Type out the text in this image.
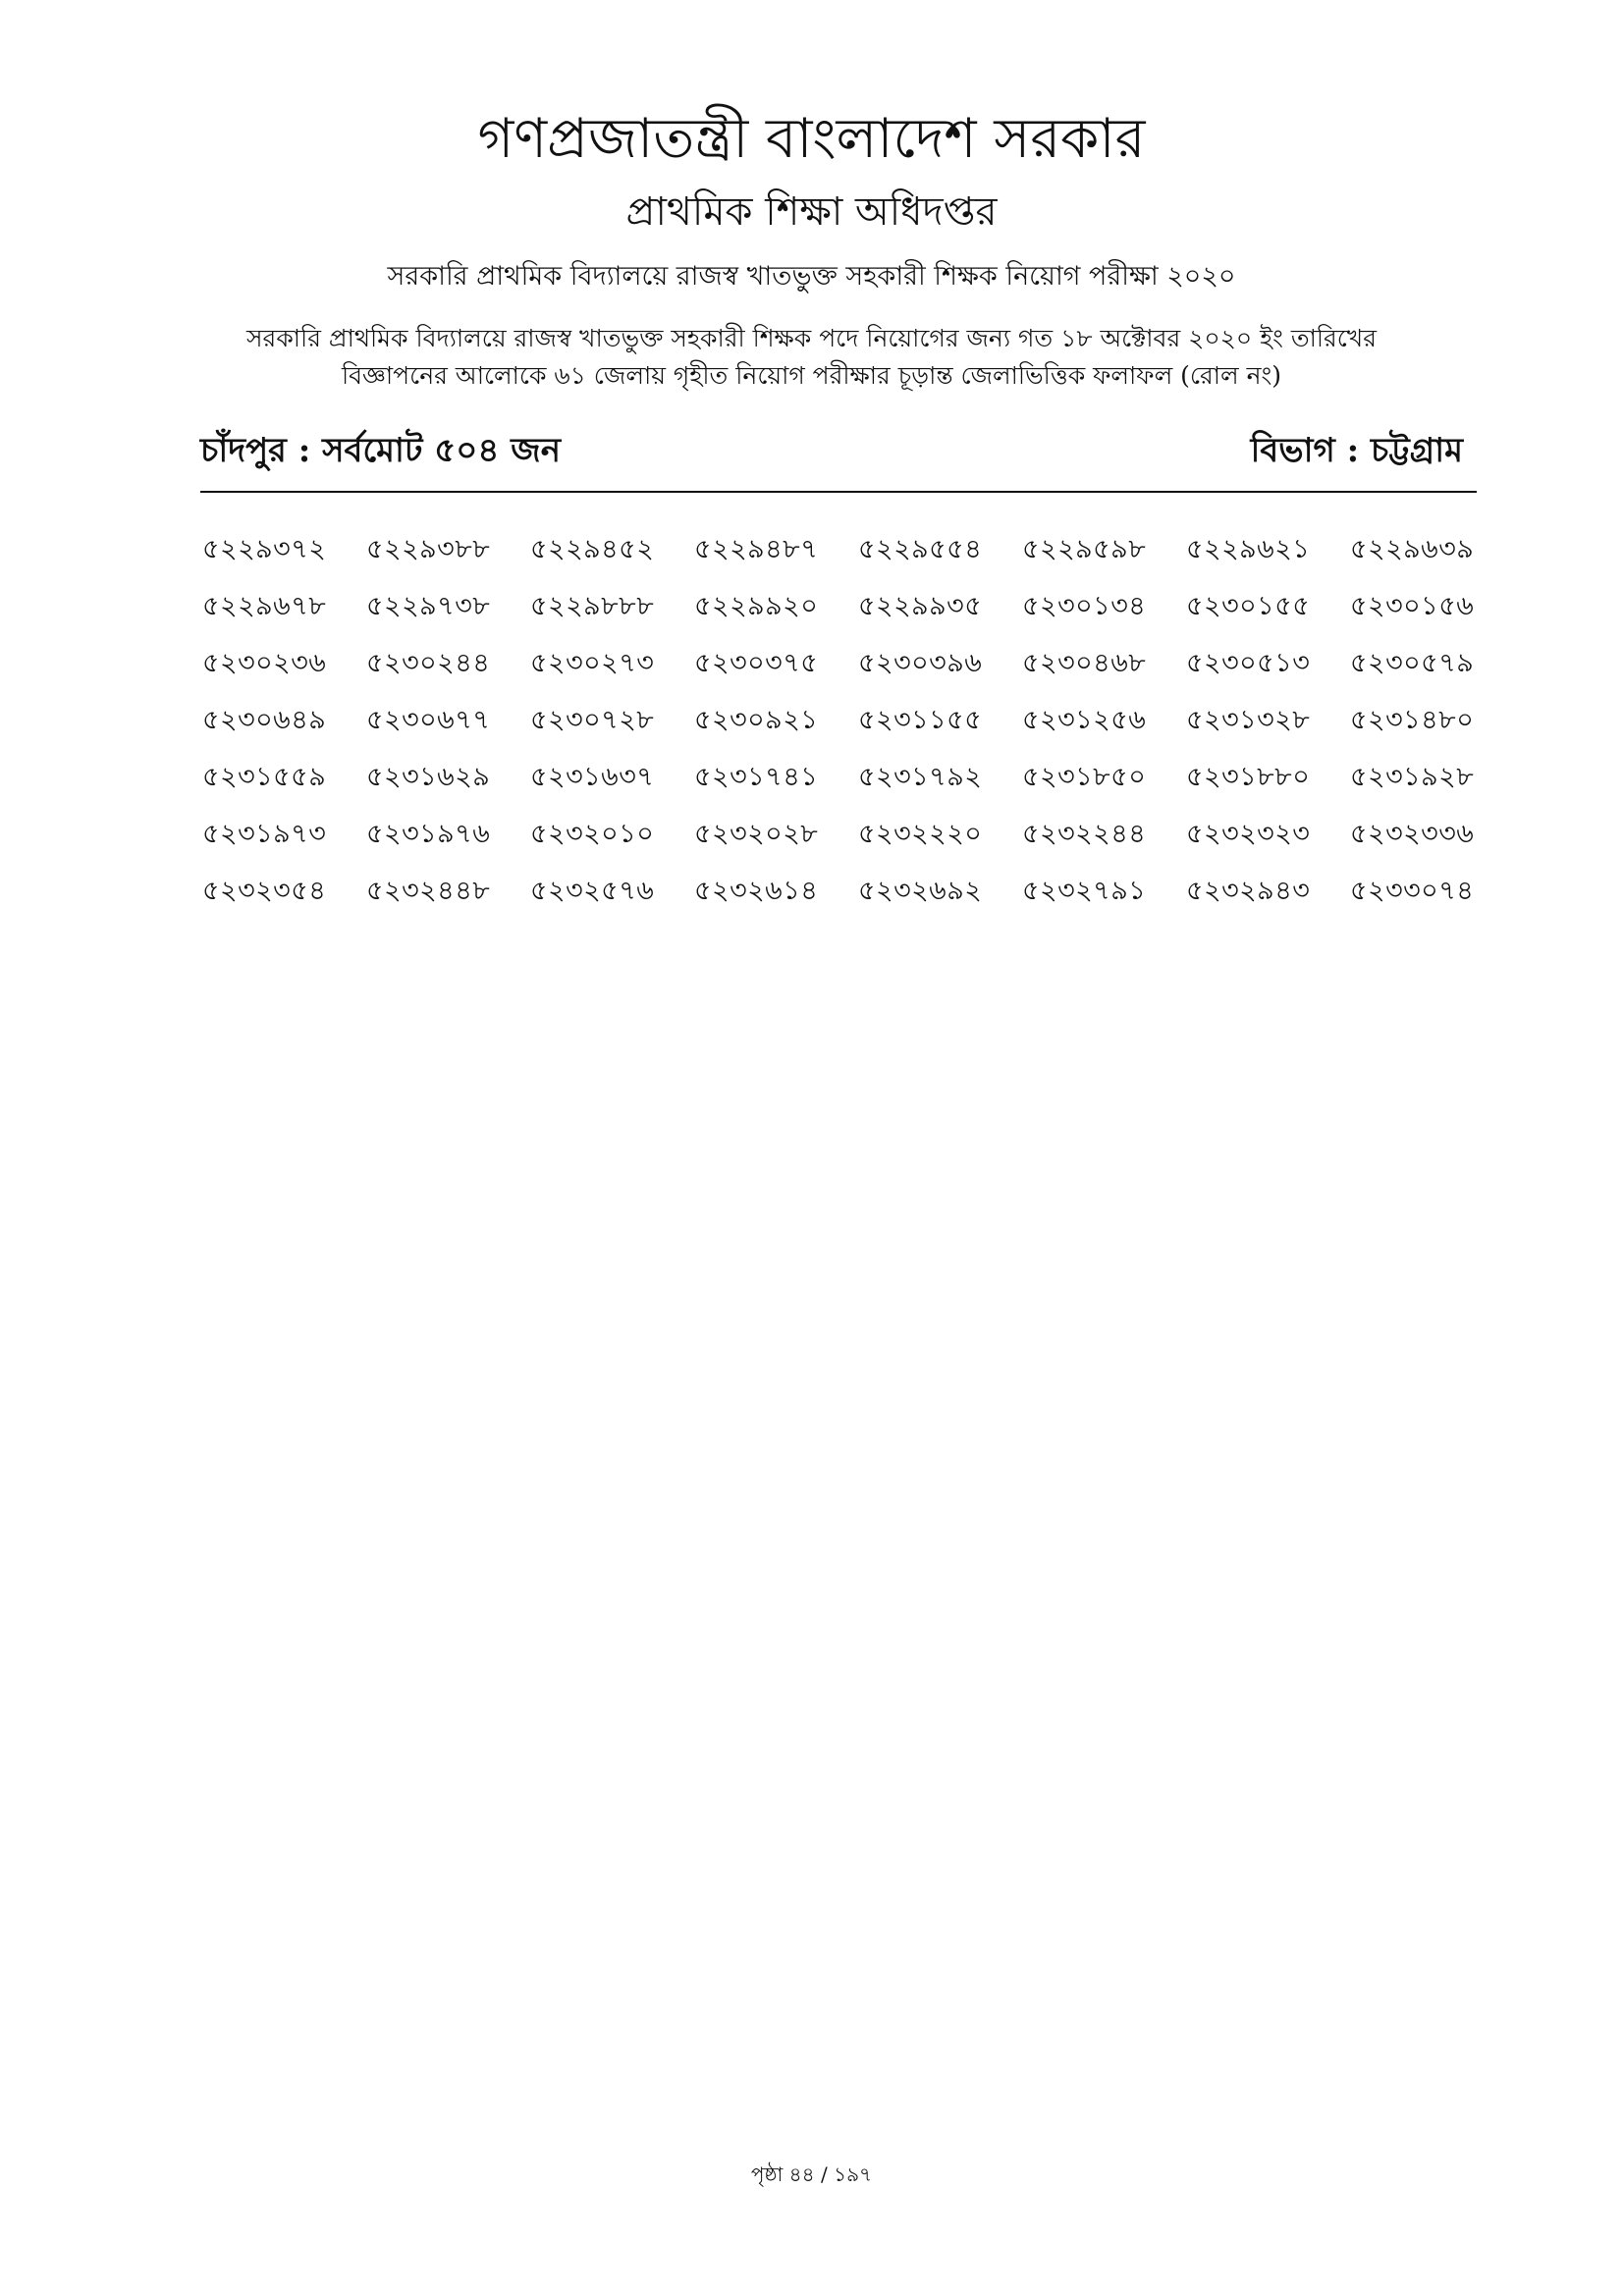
গণপ্রজাতন্ত্রী বাংলাদেশ সরকার
প্রাথমিক শিক্ষা অধিদপ্তর
সরকারি প্রাথমিক বিদ্যালয়ে রাজস্ব খাতভুক্ত সহকারী শিক্ষক নিয়োগ পরীক্ষা ২০২০
সরকারি প্রাথমিক বিদ্যালয়ে রাজস্ব খাতভুক্ত সহকারী শিক্ষক পদে নিয়োগের জন্য গত ১৮ অক্টোবর ২০২০ ইং তারিখের
বিজ্ঞাপনের আলোকে ৬১ জেলায় গৃহীত নিয়োগ পরীক্ষার চূড়ান্ত জেলাভিত্তিক ফলাফল (রোল নং)
চাঁদপুর : সর্বমোট ৫০৪ জন	বিভাগ : চট্টগ্রাম
৫২২৯৩৭২	৫২২৯৩৮৮	৫২২৯৪৫২	৫২২৯৪৮৭	৫২২৯৫৫৪	৫২২৯৫৯৮	৫২২৯৬২১	৫২২৯৬৩৯
৫২২৯৬৭৮	৫২২৯৭৩৮	৫২২৯৮৮৮	৫২২৯৯২০	৫২২৯৯৩৫	৫২৩০১৩৪	৫২৩০১৫৫	৫২৩০১৫৬
৫২৩০২৩৬	৫২৩০২৪৪	৫২৩০২৭৩	৫২৩০৩৭৫	৫২৩০৩৯৬	৫২৩০৪৬৮	৫২৩০৫১৩	৫২৩০৫৭৯
৫২৩০৬৪৯	৫২৩০৬৭৭	৫২৩০৭২৮	৫২৩০৯২১	৫২৩১১৫৫	৫২৩১২৫৬	৫২৩১৩২৮	৫২৩১৪৮০
৫২৩১৫৫৯	৫২৩১৬২৯	৫২৩১৬৩৭	৫২৩১৭৪১	৫২৩১৭৯২	৫২৩১৮৫০	৫২৩১৮৮০	৫২৩১৯২৮
৫২৩১৯৭৩	৫২৩১৯৭৬	৫২৩২০১০	৫২৩২০২৮	৫২৩২২২০	৫২৩২২৪৪	৫২৩২৩২৩	৫২৩২৩৩৬
৫২৩২৩৫৪	৫২৩২৪৪৮	৫২৩২৫৭৬	৫২৩২৬১৪	৫২৩২৬৯২	৫২৩২৭৯১	৫২৩২৯৪৩	৫২৩৩০৭৪
পৃষ্ঠা ৪৪ / ১৯৭
